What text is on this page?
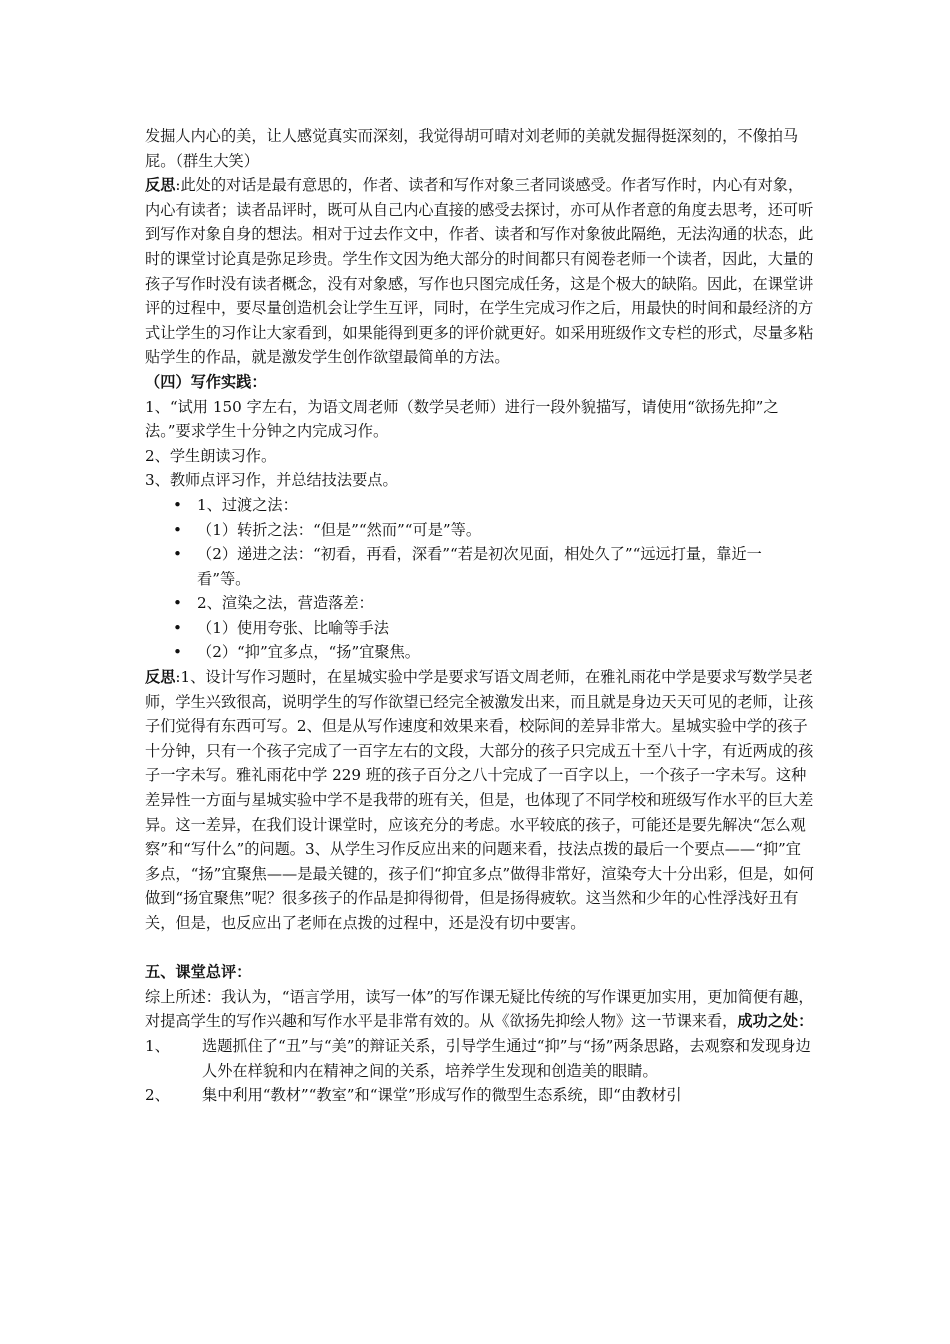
发掘人内心的美，让人感觉真实而深刻，我觉得胡可晴对刘老师的美就发掘得挺深刻的，不像拍马屁。（群生大笑）

反思:此处的对话是最有意思的，作者、读者和写作对象三者同谈感受。作者写作时，内心有对象，内心有读者；读者品评时，既可从自己内心直接的感受去探讨，亦可从作者意的角度去思考，还可听到写作对象自身的想法。相对于过去作文中，作者、读者和写作对象彼此隔绝，无法沟通的状态，此时的课堂讨论真是弥足珍贵。学生作文因为绝大部分的时间都只有阅卷老师一个读者，因此，大量的孩子写作时没有读者概念，没有对象感，写作也只图完成任务，这是个极大的缺陷。因此，在课堂讲评的过程中，要尽量创造机会让学生互评，同时，在学生完成习作之后，用最快的时间和最经济的方式让学生的习作让大家看到，如果能得到更多的评价就更好。如采用班级作文专栏的形式，尽量多粘贴学生的作品，就是激发学生创作欲望最简单的方法。

（四）写作实践：

1、“试用 150 字左右，为语文周老师（数学吴老师）进行一段外貌描写，请使用“欲扬先抑”之法。”要求学生十分钟之内完成习作。

2、学生朗读习作。

3、教师点评习作，并总结技法要点。

• 1、过渡之法：
• （1）转折之法：“但是”“然而”“可是”等。
• （2）递进之法：“初看，再看，深看”“若是初次见面，相处久了”“远远打量，靠近一看”等。
• 2、渲染之法，营造落差：
• （1）使用夸张、比喻等手法
• （2）“抑”宜多点，“扬”宜聚焦。

反思:1、设计写作习题时，在星城实验中学是要求写语文周老师，在雅礼雨花中学是要求写数学吴老师，学生兴致很高，说明学生的写作欲望已经完全被激发出来，而且就是身边天天可见的老师，让孩子们觉得有东西可写。2、但是从写作速度和效果来看，校际间的差异非常大。星城实验中学的孩子十分钟，只有一个孩子完成了一百字左右的文段，大部分的孩子只完成五十至八十字，有近两成的孩子一字未写。雅礼雨花中学 229 班的孩子百分之八十完成了一百字以上，一个孩子一字未写。这种差异性一方面与星城实验中学不是我带的班有关，但是，也体现了不同学校和班级写作水平的巨大差异。这一差异，在我们设计课堂时，应该充分的考虑。水平较底的孩子，可能还是要先解决“怎么观察”和“写什么”的问题。3、从学生习作反应出来的问题来看，技法点拨的最后一个要点——“抑”宜多点，“扬”宜聚焦——是最关键的，孩子们“抑宜多点”做得非常好，渲染夸大十分出彩，但是，如何做到“扬宜聚焦”呢？很多孩子的作品是抑得彻骨，但是扬得疲软。这当然和少年的心性浮浅好丑有关，但是，也反应出了老师在点拨的过程中，还是没有切中要害。

五、课堂总评：

综上所述：我认为，“语言学用，读写一体”的写作课无疑比传统的写作课更加实用，更加简便有趣，对提高学生的写作兴趣和写作水平是非常有效的。从《欲扬先抑绘人物》这一节课来看，成功之处：

1、 选题抓住了“丑”与“美”的辩证关系，引导学生通过“抑”与“扬”两条思路，去观察和发现身边人外在样貌和内在精神之间的关系，培养学生发现和创造美的眼睛。

2、 集中利用“教材”“教室”和“课堂”形成写作的微型生态系统，即“由教材引
